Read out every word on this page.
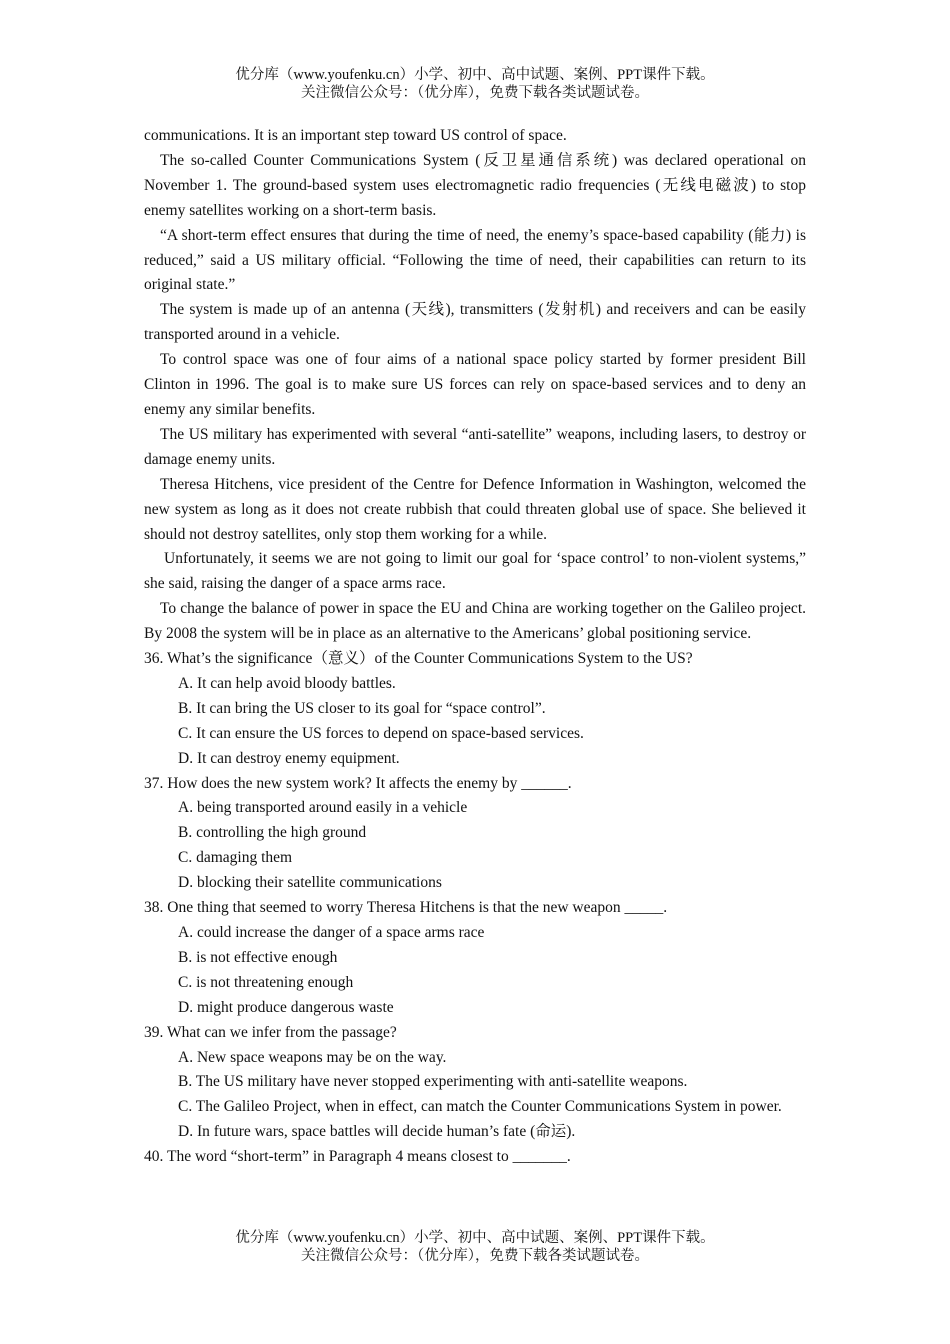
优分库（www.youfenku.cn）小学、初中、高中试题、案例、PPT课件下载。
关注微信公众号：（优分库），免费下载各类试题试卷。

communications. It is an important step toward US control of space.

The so-called Counter Communications System (反卫星通信系统) was declared operational on November 1. The ground-based system uses electromagnetic radio frequencies (无线电磁波) to stop enemy satellites working on a short-term basis.

“A short-term effect ensures that during the time of need, the enemy’s space-based capability (能力) is reduced,” said a US military official. “Following the time of need, their capabilities can return to its original state.”

The system is made up of an antenna (天线), transmitters (发射机) and receivers and can be easily transported around in a vehicle.

To control space was one of four aims of a national space policy started by former president Bill Clinton in 1996. The goal is to make sure US forces can rely on space-based services and to deny an enemy any similar benefits.

The US military has experimented with several “anti-satellite” weapons, including lasers, to destroy or damage enemy units.

Theresa Hitchens, vice president of the Centre for Defence Information in Washington, welcomed the new system as long as it does not create rubbish that could threaten global use of space. She believed it should not destroy satellites, only stop them working for a while.

Unfortunately, it seems we are not going to limit our goal for ‘space control’ to non-violent systems,” she said, raising the danger of a space arms race.

To change the balance of power in space the EU and China are working together on the Galileo project. By 2008 the system will be in place as an alternative to the Americans’ global positioning service.

36. What’s the significance（意义）of the Counter Communications System to the US?

A. It can help avoid bloody battles.

B. It can bring the US closer to its goal for “space control”.

C. It can ensure the US forces to depend on space-based services.

D. It can destroy enemy equipment.

37. How does the new system work? It affects the enemy by ______.

A. being transported around easily in a vehicle

B. controlling the high ground

C. damaging them

D. blocking their satellite communications

38. One thing that seemed to worry Theresa Hitchens is that the new weapon _____.

A. could increase the danger of a space arms race

B. is not effective enough

C. is not threatening enough

D. might produce dangerous waste

39. What can we infer from the passage?

A. New space weapons may be on the way.

B. The US military have never stopped experimenting with anti-satellite weapons.

C. The Galileo Project, when in effect, can match the Counter Communications System in power.

D. In future wars, space battles will decide human’s fate (命运).

40. The word “short-term” in Paragraph 4 means closest to _______.

优分库（www.youfenku.cn）小学、初中、高中试题、案例、PPT课件下载。
关注微信公众号：（优分库），免费下载各类试题试卷。
